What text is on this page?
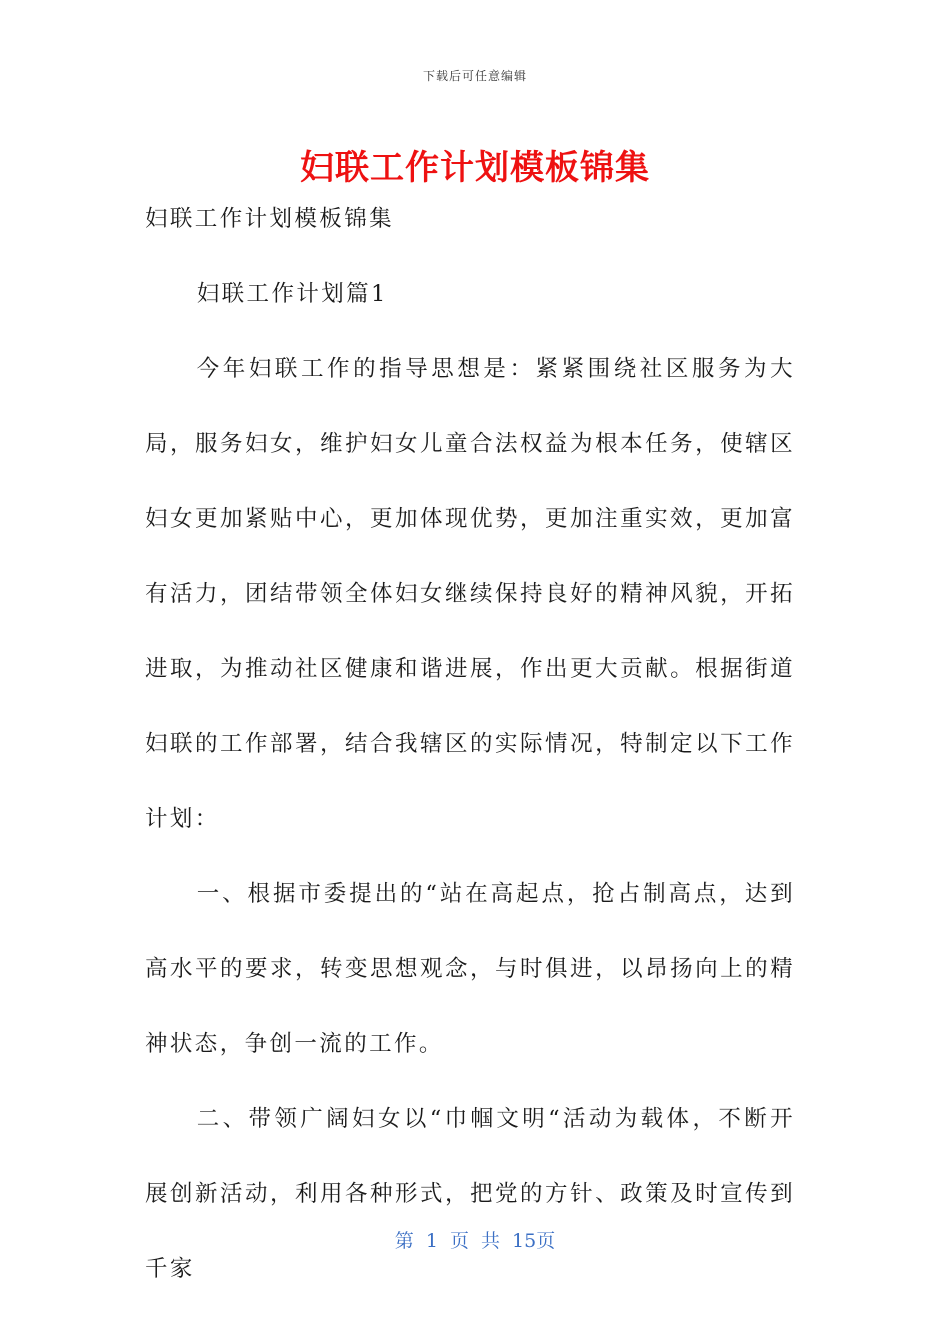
下载后可任意编辑
妇联工作计划模板锦集
妇联工作计划模板锦集

妇联工作计划篇1

今年妇联工作的指导思想是：紧紧围绕社区服务为大局，服务妇女，维护妇女儿童合法权益为根本任务，使辖区妇女更加紧贴中心，更加体现优势，更加注重实效，更加富有活力，团结带领全体妇女继续保持良好的精神风貌，开拓进取，为推动社区健康和谐进展，作出更大贡献。根据街道妇联的工作部署，结合我辖区的实际情况，特制定以下工作计划：

一、根据市委提出的“站在高起点，抢占制高点，达到高水平的要求，转变思想观念，与时俱进，以昂扬向上的精神状态，争创一流的工作。

二、带领广阔妇女以“巾帼文明“活动为载体，不断开展创新活动，利用各种形式，把党的方针、政策及时宣传到千家

第 1 页 共 15页
